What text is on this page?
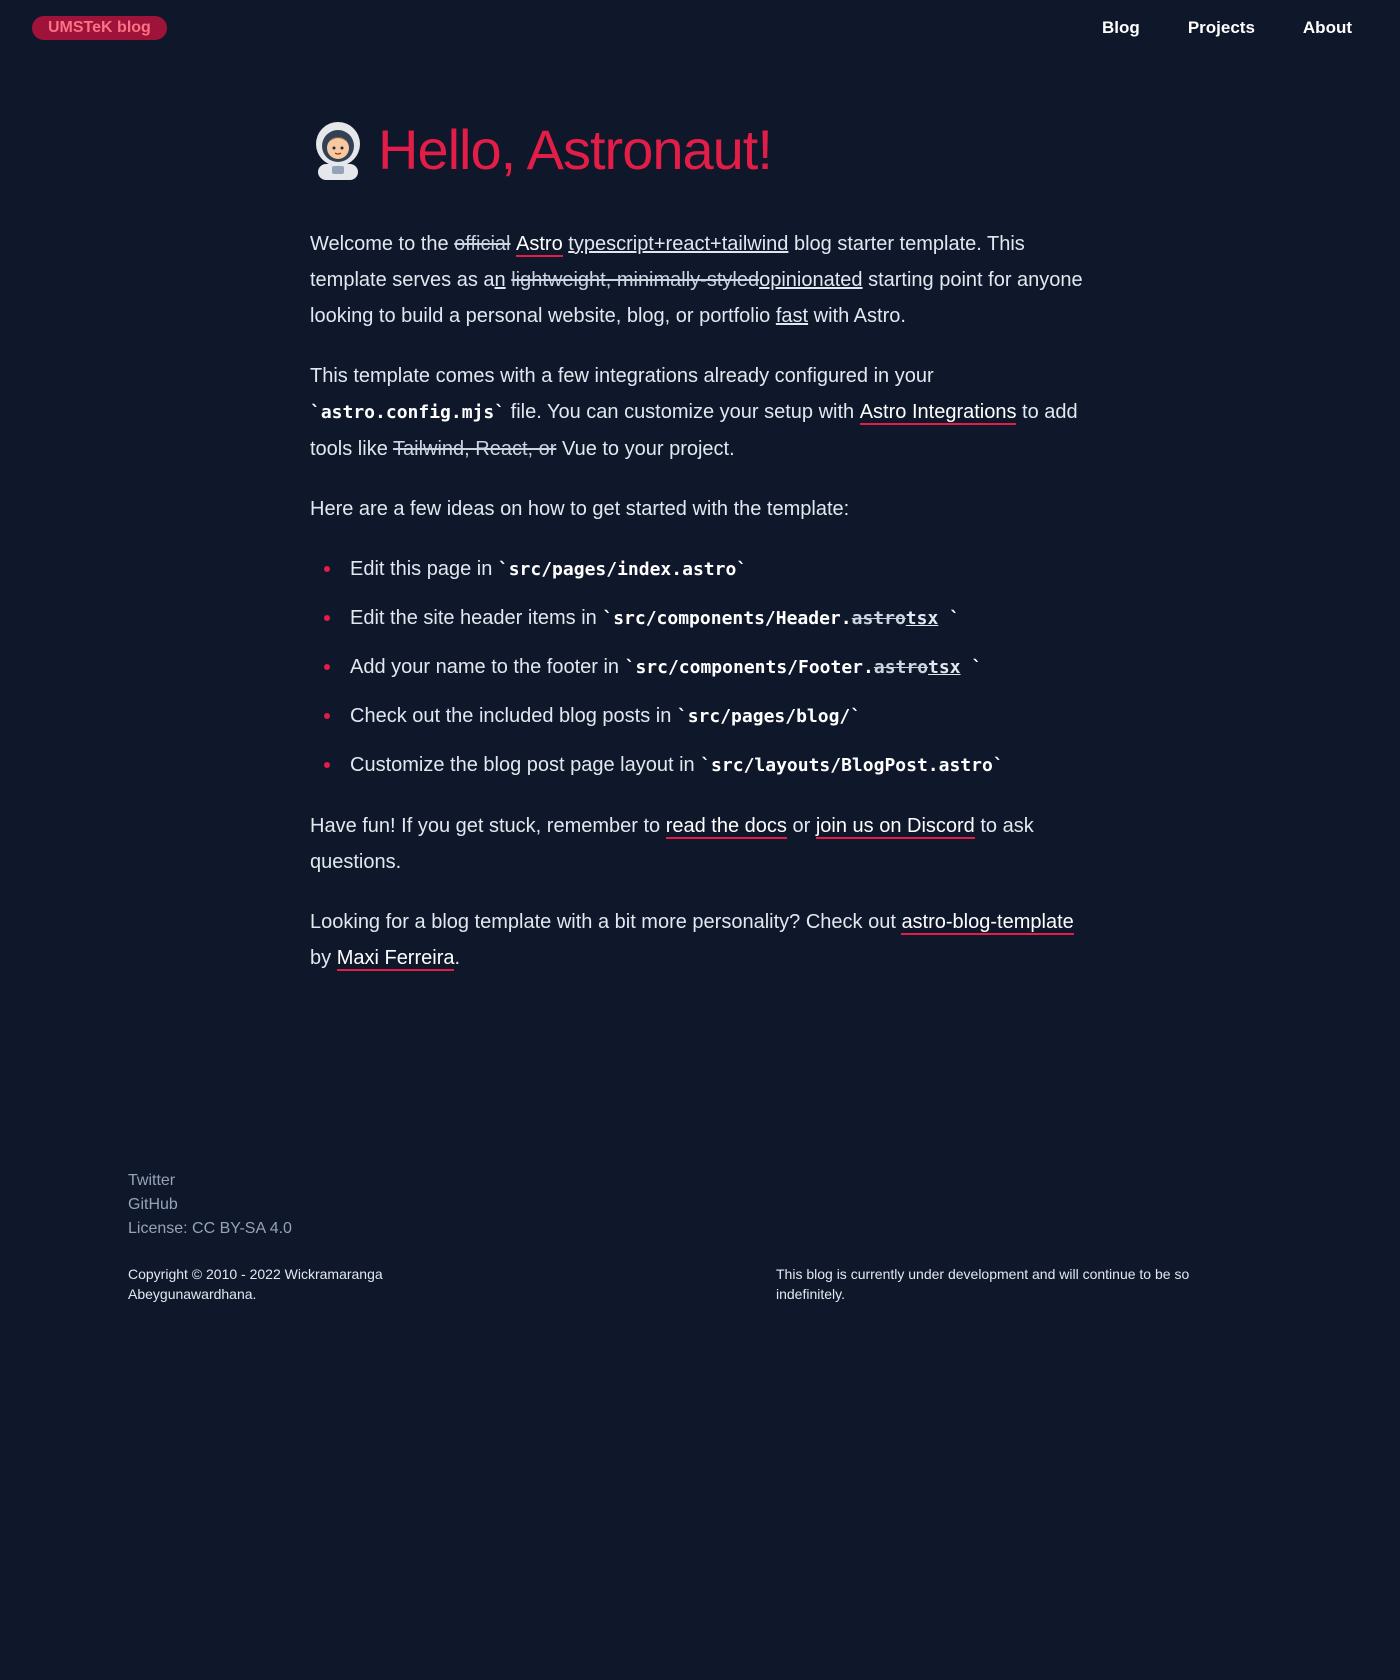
UMSTeK blog	Blog	Projects	About
Hello, Astronaut!

Welcome to the official Astro typescript+react+tailwind blog starter template. This template serves as an lightweight, minimally-styledopinionated starting point for anyone looking to build a personal website, blog, or portfolio fast with Astro.

This template comes with a few integrations already configured in your `astro.config.mjs` file. You can customize your setup with Astro Integrations to add tools like Tailwind, React, or Vue to your project.

Here are a few ideas on how to get started with the template:

Edit this page in `src/pages/index.astro`
Edit the site header items in `src/components/Header.astrotsx `
Add your name to the footer in `src/components/Footer.astrotsx `
Check out the included blog posts in `src/pages/blog/`
Customize the blog post page layout in `src/layouts/BlogPost.astro`

Have fun! If you get stuck, remember to read the docs or join us on Discord to ask questions.

Looking for a blog template with a bit more personality? Check out astro-blog-template by Maxi Ferreira.

Twitter
GitHub
License: CC BY-SA 4.0
Copyright © 2010 - 2022 Wickramaranga Abeygunawardhana.
This blog is currently under development and will continue to be so indefinitely.
